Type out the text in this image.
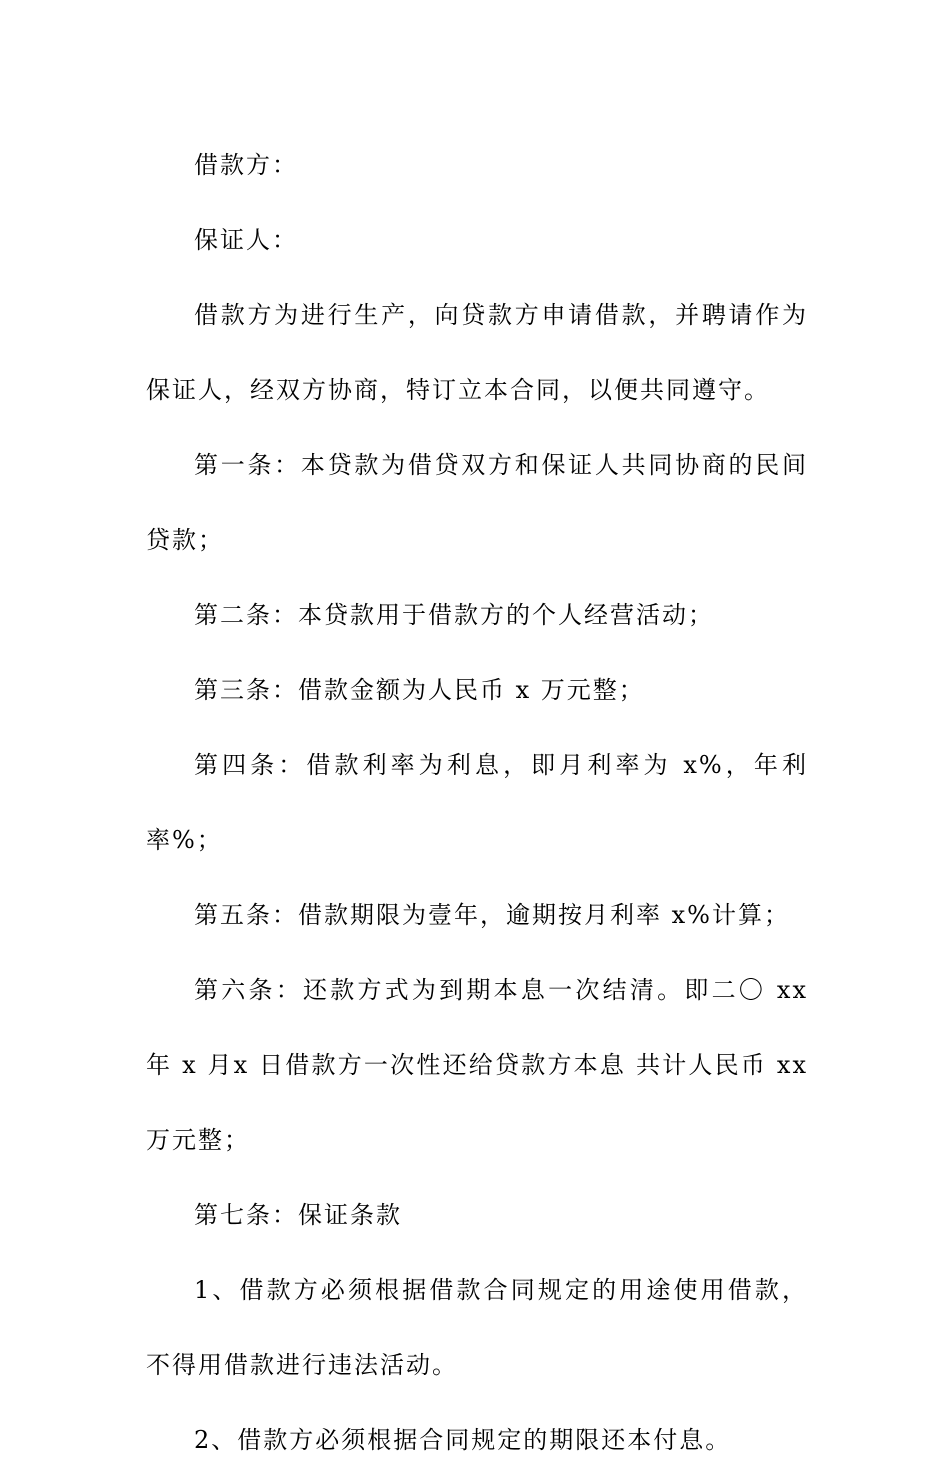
借款方：

保证人：

借款方为进行生产，向贷款方申请借款，并聘请作为保证人，经双方协商，特订立本合同，以便共同遵守。

第一条：本贷款为借贷双方和保证人共同协商的民间贷款；

第二条：本贷款用于借款方的个人经营活动；

第三条：借款金额为人民币 x 万元整；

第四条：借款利率为利息，即月利率为 x%，年利率%；

第五条：借款期限为壹年，逾期按月利率 x%计算；

第六条：还款方式为到期本息一次结清。即二〇 xx 年 x 月x 日借款方一次性还给贷款方本息 共计人民币 xx 万元整；

第七条：保证条款

1、借款方必须根据借款合同规定的用途使用借款，不得用借款进行违法活动。

2、借款方必须根据合同规定的期限还本付息。
